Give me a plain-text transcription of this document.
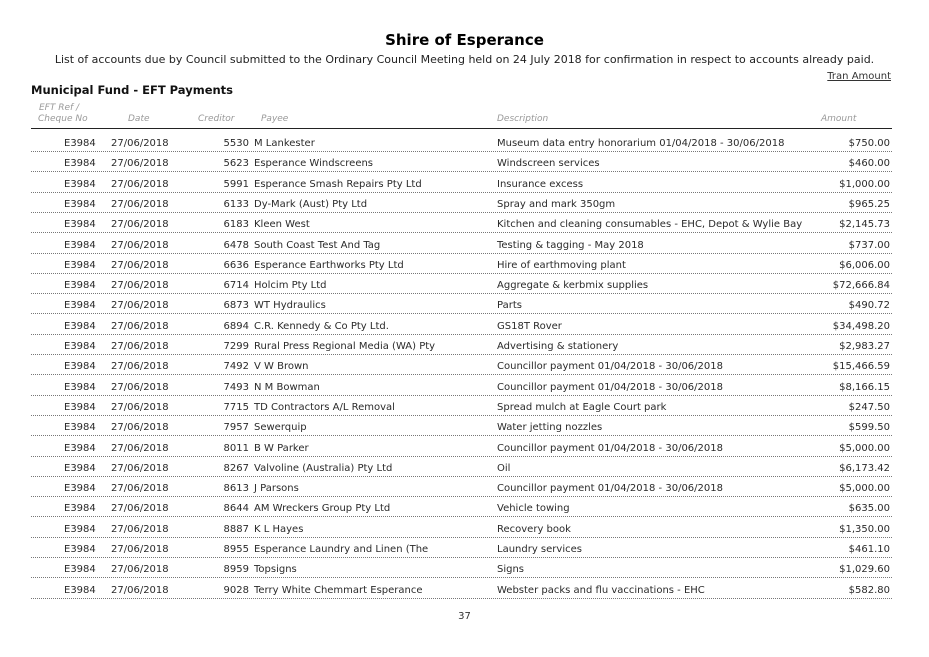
Shire of Esperance
List of accounts due by Council submitted to the Ordinary Council Meeting held on 24 July 2018 for confirmation in respect to accounts already paid.
Tran Amount
Municipal Fund - EFT Payments
EFT Ref /
Cheque No	Date	Creditor	Payee	Description	Amount
E3984 27/06/2018	5530 M Lankester	Museum data entry honorarium 01/04/2018 - 30/06/2018	$750.00
E3984 27/06/2018	5623 Esperance Windscreens	Windscreen services	$460.00
E3984 27/06/2018	5991 Esperance Smash Repairs Pty Ltd	Insurance excess	$1,000.00
E3984 27/06/2018	6133 Dy-Mark (Aust) Pty Ltd	Spray and mark 350gm	$965.25
E3984 27/06/2018	6183 Kleen West	Kitchen and cleaning consumables - EHC, Depot & Wylie Bay	$2,145.73
E3984 27/06/2018	6478 South Coast Test And Tag	Testing & tagging - May 2018	$737.00
E3984 27/06/2018	6636 Esperance Earthworks Pty Ltd	Hire of earthmoving plant	$6,006.00
E3984 27/06/2018	6714 Holcim Pty Ltd	Aggregate & kerbmix supplies	$72,666.84
E3984 27/06/2018	6873 WT Hydraulics	Parts	$490.72
E3984 27/06/2018	6894 C.R. Kennedy & Co Pty Ltd.	GS18T Rover	$34,498.20
E3984 27/06/2018	7299 Rural Press Regional Media (WA) Pty	Advertising & stationery	$2,983.27
E3984 27/06/2018	7492 V W Brown	Councillor payment 01/04/2018 - 30/06/2018	$15,466.59
E3984 27/06/2018	7493 N M Bowman	Councillor payment 01/04/2018 - 30/06/2018	$8,166.15
E3984 27/06/2018	7715 TD Contractors A/L Removal	Spread mulch at Eagle Court park	$247.50
E3984 27/06/2018	7957 Sewerquip	Water jetting nozzles	$599.50
E3984 27/06/2018	8011 B W Parker	Councillor payment 01/04/2018 - 30/06/2018	$5,000.00
E3984 27/06/2018	8267 Valvoline (Australia) Pty Ltd	Oil	$6,173.42
E3984 27/06/2018	8613 J Parsons	Councillor payment 01/04/2018 - 30/06/2018	$5,000.00
E3984 27/06/2018	8644 AM Wreckers Group Pty Ltd	Vehicle towing	$635.00
E3984 27/06/2018	8887 K L Hayes	Recovery book	$1,350.00
E3984 27/06/2018	8955 Esperance Laundry and Linen (The	Laundry services	$461.10
E3984 27/06/2018	8959 Topsigns	Signs	$1,029.60
E3984 27/06/2018	9028 Terry White Chemmart Esperance	Webster packs and flu vaccinations - EHC	$582.80
37
